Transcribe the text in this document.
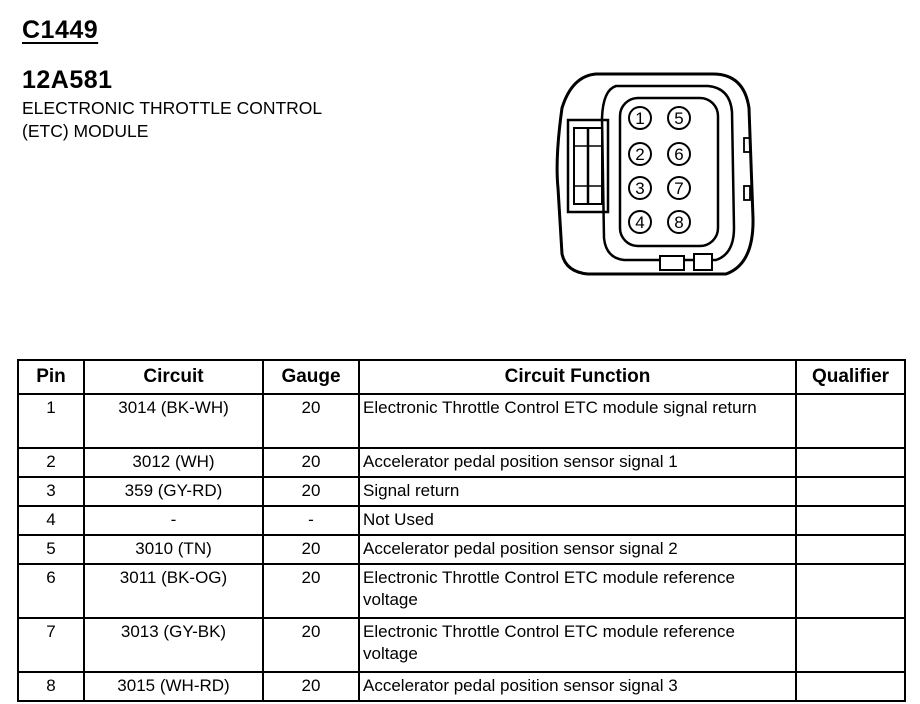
C1449
12A581
ELECTRONIC THROTTLE CONTROL
(ETC) MODULE
1
2
3
4
5
6
7
8
Pin	Circuit	Gauge	Circuit Function	Qualifier
1	3014 (BK-WH)	20	Electronic Throttle Control ETC module signal return	
2	3012 (WH)	20	Accelerator pedal position sensor signal 1	
3	359 (GY-RD)	20	Signal return	
4	-	-	Not Used	
5	3010 (TN)	20	Accelerator pedal position sensor signal 2	
6	3011 (BK-OG)	20	Electronic Throttle Control ETC module reference voltage	
7	3013 (GY-BK)	20	Electronic Throttle Control ETC module reference voltage	
8	3015 (WH-RD)	20	Accelerator pedal position sensor signal 3	
